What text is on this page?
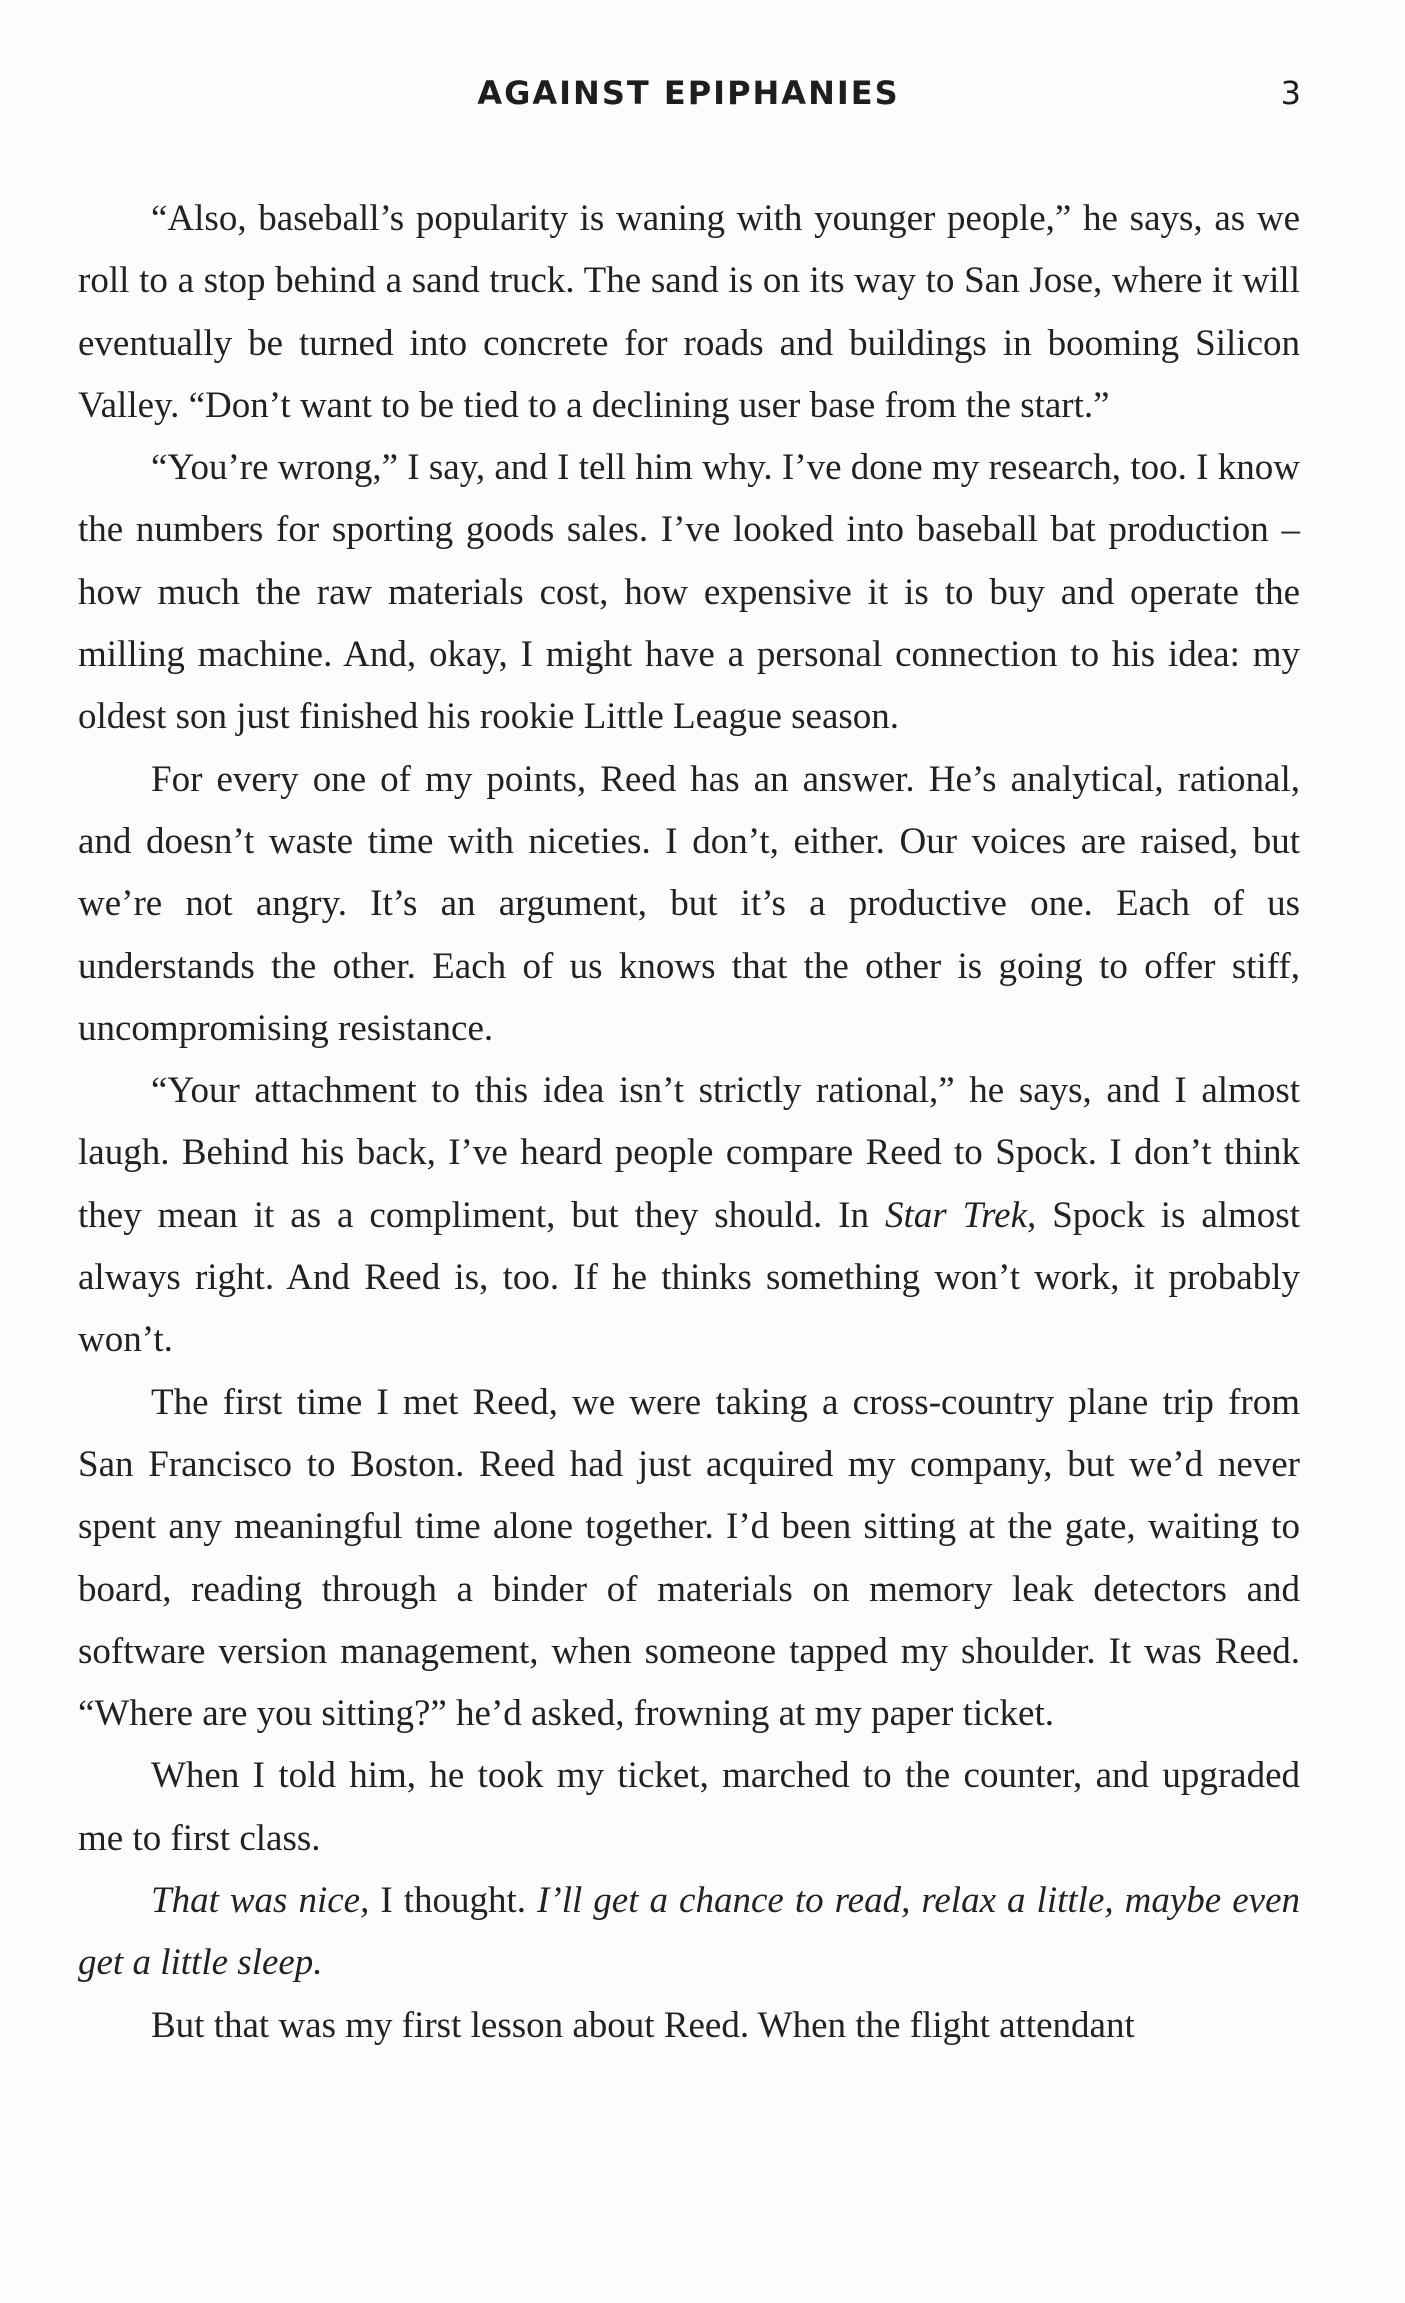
AGAINST EPIPHANIES	3

“Also, baseball’s popularity is waning with younger people,” he says, as we roll to a stop behind a sand truck. The sand is on its way to San Jose, where it will eventually be turned into concrete for roads and buildings in booming Silicon Valley. “Don’t want to be tied to a declining user base from the start.”

“You’re wrong,” I say, and I tell him why. I’ve done my research, too. I know the numbers for sporting goods sales. I’ve looked into baseball bat production – how much the raw materials cost, how expensive it is to buy and operate the milling machine. And, okay, I might have a personal connection to his idea: my oldest son just finished his rookie Little League season.

For every one of my points, Reed has an answer. He’s analytical, rational, and doesn’t waste time with niceties. I don’t, either. Our voices are raised, but we’re not angry. It’s an argument, but it’s a productive one. Each of us understands the other. Each of us knows that the other is going to offer stiff, uncompromising resistance.

“Your attachment to this idea isn’t strictly rational,” he says, and I almost laugh. Behind his back, I’ve heard people compare Reed to Spock. I don’t think they mean it as a compliment, but they should. In Star Trek, Spock is almost always right. And Reed is, too. If he thinks something won’t work, it probably won’t.

The first time I met Reed, we were taking a cross-country plane trip from San Francisco to Boston. Reed had just acquired my company, but we’d never spent any meaningful time alone together. I’d been sitting at the gate, waiting to board, reading through a binder of materials on memory leak detectors and software version management, when someone tapped my shoulder. It was Reed. “Where are you sitting?” he’d asked, frowning at my paper ticket.

When I told him, he took my ticket, marched to the counter, and upgraded me to first class.

That was nice, I thought. I’ll get a chance to read, relax a little, maybe even get a little sleep.

But that was my first lesson about Reed. When the flight attendant
